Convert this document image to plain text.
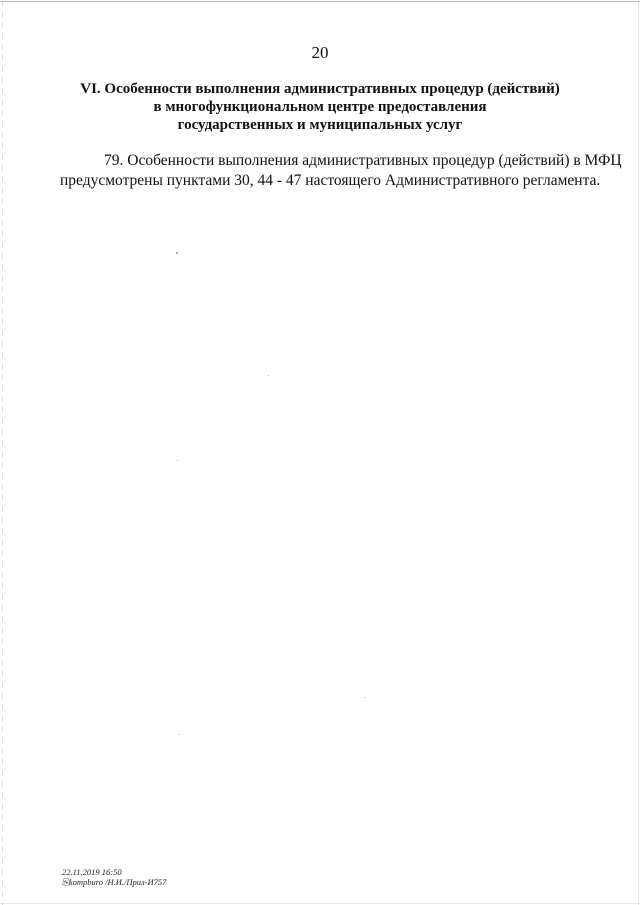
20
VI. Особенности выполнения административных процедур (действий)
в многофункциональном центре предоставления
государственных и муниципальных услуг
79. Особенности выполнения административных процедур (действий) в МФЦ
предусмотрены пунктами 30, 44 - 47 настоящего Административного регламента.
22.11.2019 16:50
⎘kompburo /Н.И./Прил-И757
